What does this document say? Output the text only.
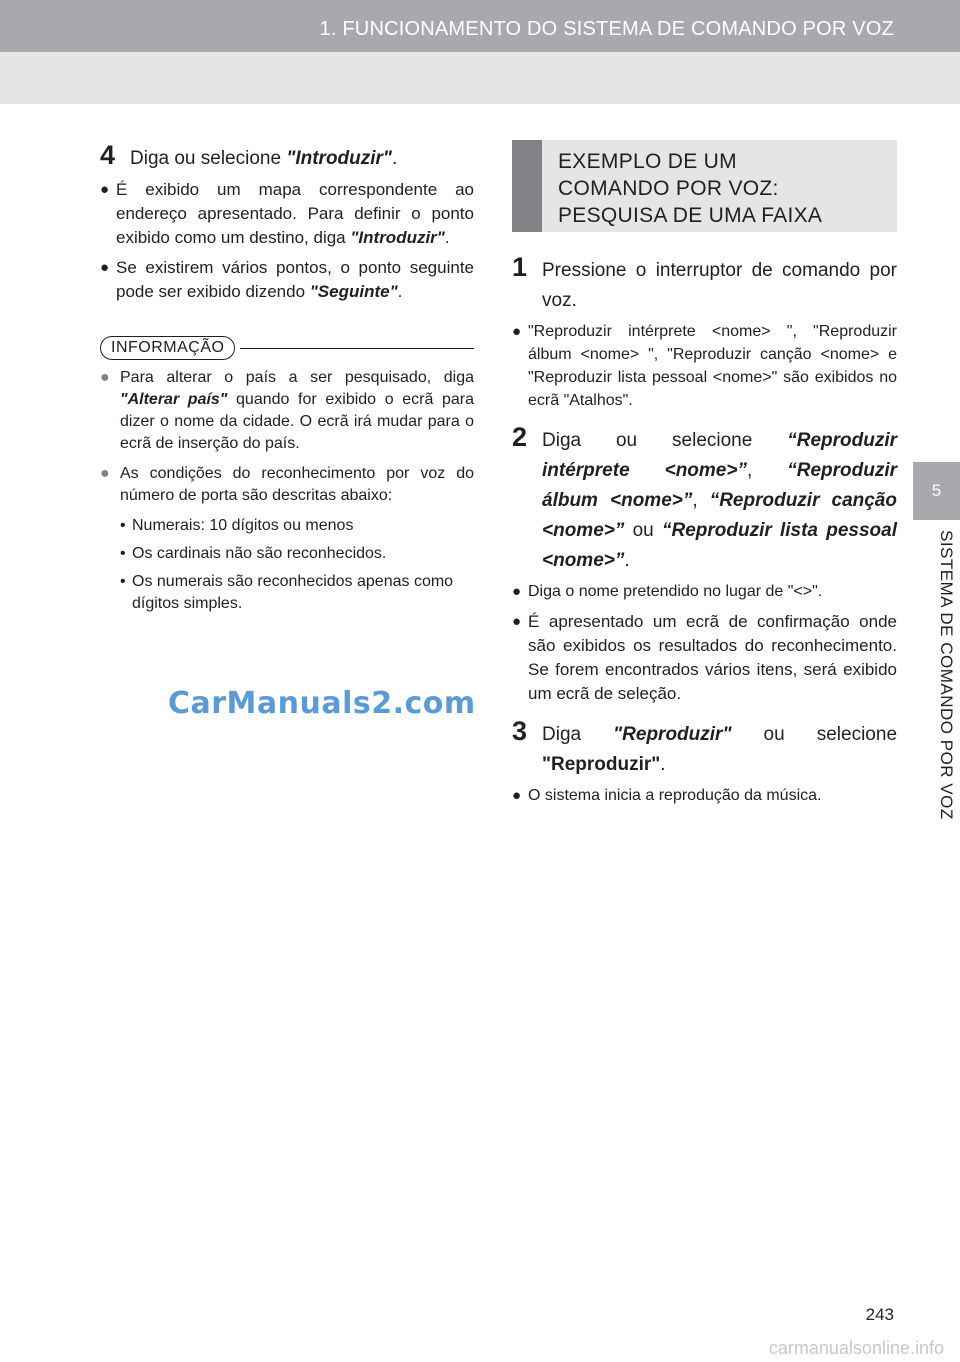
1. FUNCIONAMENTO DO SISTEMA DE COMANDO POR VOZ
5
SISTEMA DE COMANDO POR VOZ
4 Diga ou selecione "Introduzir".
● É exibido um mapa correspondente ao endereço apresentado. Para definir o ponto exibido como um destino, diga "Introduzir".
● Se existirem vários pontos, o ponto seguinte pode ser exibido dizendo "Seguinte".
INFORMAÇÃO
● Para alterar o país a ser pesquisado, diga "Alterar país" quando for exibido o ecrã para dizer o nome da cidade. O ecrã irá mudar para o ecrã de inserção do país.
● As condições do reconhecimento por voz do número de porta são descritas abaixo:
• Numerais: 10 dígitos ou menos
• Os cardinais não são reconhecidos.
• Os numerais são reconhecidos apenas como dígitos simples.
CarManuals2.com
EXEMPLO DE UM
COMANDO POR VOZ:
PESQUISA DE UMA FAIXA
1 Pressione o interruptor de comando por voz.
● "Reproduzir intérprete <nome> ", "Reproduzir álbum <nome> ", "Reproduzir canção <nome> e "Reproduzir lista pessoal <nome>" são exibidos no ecrã "Atalhos".
2 Diga ou selecione “Reproduzir intérprete <nome>”, “Reproduzir álbum <nome>”, “Reproduzir canção <nome>” ou “Reproduzir lista pessoal <nome>”.
● Diga o nome pretendido no lugar de "<>".
● É apresentado um ecrã de confirmação onde são exibidos os resultados do reconhecimento. Se forem encontrados vários itens, será exibido um ecrã de seleção.
3 Diga "Reproduzir" ou selecione "Reproduzir".
● O sistema inicia a reprodução da música.
243
carmanualsonline.info
